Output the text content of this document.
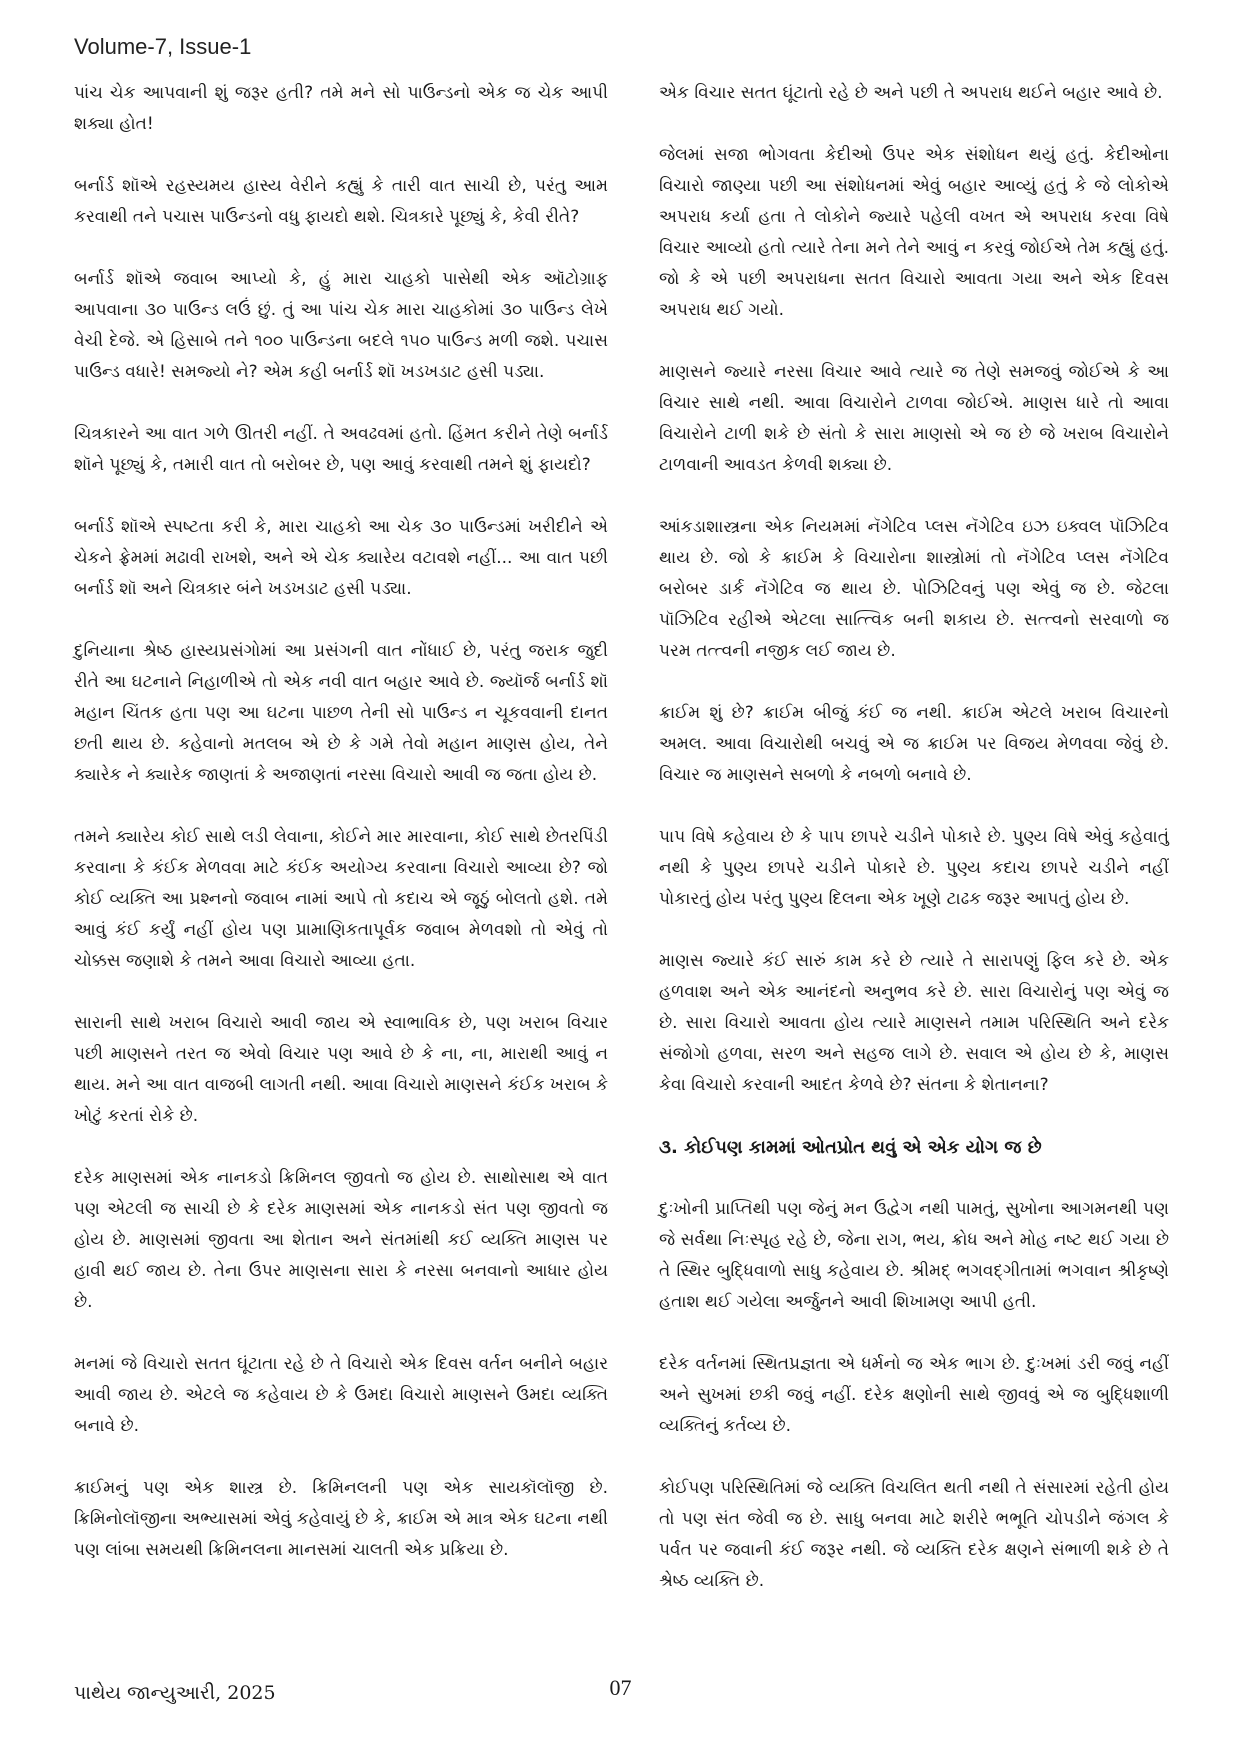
Volume-7, Issue-1

પાંચ ચેક આપવાની શું જરૂર હતી? તમે મને સો પાઉન્ડનો એક જ ચેક આપી શક્યા હોત!

બર્નાર્ડ શૉએ રહસ્યમય હાસ્ય વેરીને કહ્યું કે તારી વાત સાચી છે, પરંતુ આમ કરવાથી તને પચાસ પાઉન્ડનો વધુ ફાયદો થશે. ચિત્રકારે પૂછ્યું કે, કેવી રીતે?

બર્નાર્ડ શૉએ જવાબ આપ્યો કે, હું મારા ચાહકો પાસેથી એક ઑટોગ્રાફ આપવાના ૩૦ પાઉન્ડ લઉં છું. તું આ પાંચ ચેક મારા ચાહકોમાં ૩૦ પાઉન્ડ લેખે વેચી દેજે. એ હિસાબે તને ૧૦૦ પાઉન્ડના બદલે ૧૫૦ પાઉન્ડ મળી જશે. પચાસ પાઉન્ડ વધારે! સમજ્યો ને? એમ કહી બર્નાર્ડ શૉ ખડખડાટ હસી પડ્યા.

ચિત્રકારને આ વાત ગળે ઊતરી નહીં. તે અવઢવમાં હતો. હિંમત કરીને તેણે બર્નાર્ડ શૉને પૂછ્યું કે, તમારી વાત તો બરોબર છે, પણ આવું કરવાથી તમને શું ફાયદો?

બર્નાર્ડ શૉએ સ્પષ્ટતા કરી કે, મારા ચાહકો આ ચેક ૩૦ પાઉન્ડમાં ખરીદીને એ ચેકને ફ્રેમમાં મઢાવી રાખશે, અને એ ચેક ક્યારેય વટાવશે નહીં... આ વાત પછી બર્નાર્ડ શૉ અને ચિત્રકાર બંને ખડખડાટ હસી પડ્યા.

દુનિયાના શ્રેષ્ઠ હાસ્યપ્રસંગોમાં આ પ્રસંગની વાત નોંધાઈ છે, પરંતુ જરાક જુદી રીતે આ ઘટનાને નિહાળીએ તો એક નવી વાત બહાર આવે છે. જ્યૉર્જ બર્નાર્ડ શૉ મહાન ચિંતક હતા પણ આ ઘટના પાછળ તેની સો પાઉન્ડ ન ચૂકવવાની દાનત છતી થાય છે. કહેવાનો મતલબ એ છે કે ગમે તેવો મહાન માણસ હોય, તેને ક્યારેક ને ક્યારેક જાણતાં કે અજાણતાં નરસા વિચારો આવી જ જતા હોય છે.

તમને ક્યારેય કોઈ સાથે લડી લેવાના, કોઈને માર મારવાના, કોઈ સાથે છેતરપિંડી કરવાના કે કંઈક મેળવવા માટે કંઈક અયોગ્ય કરવાના વિચારો આવ્યા છે? જો કોઈ વ્યક્તિ આ પ્રશ્નનો જવાબ નામાં આપે તો કદાચ એ જૂઠું બોલતો હશે. તમે આવું કંઈ કર્યું નહીં હોય પણ પ્રામાણિકતાપૂર્વક જવાબ મેળવશો તો એવું તો ચોક્કસ જણાશે કે તમને આવા વિચારો આવ્યા હતા.

સારાની સાથે ખરાબ વિચારો આવી જાય એ સ્વાભાવિક છે, પણ ખરાબ વિચાર પછી માણસને તરત જ એવો વિચાર પણ આવે છે કે ના, ના, મારાથી આવું ન થાય. મને આ વાત વાજબી લાગતી નથી. આવા વિચારો માણસને કંઈક ખરાબ કે ખોટું કરતાં રોકે છે.

દરેક માણસમાં એક નાનકડો ક્રિમિનલ જીવતો જ હોય છે. સાથોસાથ એ વાત પણ એટલી જ સાચી છે કે દરેક માણસમાં એક નાનકડો સંત પણ જીવતો જ હોય છે. માણસમાં જીવતા આ શેતાન અને સંતમાંથી કઈ વ્યક્તિ માણસ પર હાવી થઈ જાય છે. તેના ઉપર માણસના સારા કે નરસા બનવાનો આધાર હોય છે.

મનમાં જે વિચારો સતત ઘૂંટાતા રહે છે તે વિચારો એક દિવસ વર્તન બનીને બહાર આવી જાય છે. એટલે જ કહેવાય છે કે ઉમદા વિચારો માણસને ઉમદા વ્યક્તિ બનાવે છે.

ક્રાઈમનું પણ એક શાસ્ત્ર છે. ક્રિમિનલની પણ એક સાયકૉલૉજી છે. ક્રિમિનોલૉજીના અભ્યાસમાં એવું કહેવાયું છે કે, ક્રાઈમ એ માત્ર એક ઘટના નથી પણ લાંબા સમયથી ક્રિમિનલના માનસમાં ચાલતી એક પ્રક્રિયા છે.

એક વિચાર સતત ઘૂંટાતો રહે છે અને પછી તે અપરાધ થઈને બહાર આવે છે.

જેલમાં સજા ભોગવતા કેદીઓ ઉપર એક સંશોધન થયું હતું. કેદીઓના વિચારો જાણ્યા પછી આ સંશોધનમાં એવું બહાર આવ્યું હતું કે જે લોકોએ અપરાધ કર્યા હતા તે લોકોને જ્યારે પહેલી વખત એ અપરાધ કરવા વિષે વિચાર આવ્યો હતો ત્યારે તેના મને તેને આવું ન કરવું જોઈએ તેમ કહ્યું હતું. જો કે એ પછી અપરાધના સતત વિચારો આવતા ગયા અને એક દિવસ અપરાધ થઈ ગયો.

માણસને જ્યારે નરસા વિચાર આવે ત્યારે જ તેણે સમજવું જોઈએ કે આ વિચાર સાથે નથી. આવા વિચારોને ટાળવા જોઈએ. માણસ ધારે તો આવા વિચારોને ટાળી શકે છે સંતો કે સારા માણસો એ જ છે જે ખરાબ વિચારોને ટાળવાની આવડત કેળવી શક્યા છે.

આંકડાશાસ્ત્રના એક નિયમમાં નૅગેટિવ પ્લસ નૅગેટિવ ઇઝ ઇક્વલ પૉઝિટિવ થાય છે. જો કે ક્રાઈમ કે વિચારોના શાસ્ત્રોમાં તો નૅગેટિવ પ્લસ નૅગેટિવ બરોબર ડાર્ક નૅગેટિવ જ થાય છે. પોઝિટિવનું પણ એવું જ છે. જેટલા પૉઝિટિવ રહીએ એટલા સાત્ત્વિક બની શકાય છે. સત્ત્વનો સરવાળો જ પરમ તત્ત્વની નજીક લઈ જાય છે.

ક્રાઈમ શું છે? ક્રાઈમ બીજું કંઈ જ નથી. ક્રાઈમ એટલે ખરાબ વિચારનો અમલ. આવા વિચારોથી બચવું એ જ ક્રાઈમ પર વિજય મેળવવા જેવું છે. વિચાર જ માણસને સબળો કે નબળો બનાવે છે.

પાપ વિષે કહેવાય છે કે પાપ છાપરે ચડીને પોકારે છે. પુણ્ય વિષે એવું કહેવાતું નથી કે પુણ્ય છાપરે ચડીને પોકારે છે. પુણ્ય કદાચ છાપરે ચડીને નહીં પોકારતું હોય પરંતુ પુણ્ય દિલના એક ખૂણે ટાઢક જરૂર આપતું હોય છે.

માણસ જ્યારે કંઈ સારું કામ કરે છે ત્યારે તે સારાપણું ફિલ કરે છે. એક હળવાશ અને એક આનંદનો અનુભવ કરે છે. સારા વિચારોનું પણ એવું જ છે. સારા વિચારો આવતા હોય ત્યારે માણસને તમામ પરિસ્થિતિ અને દરેક સંજોગો હળવા, સરળ અને સહજ લાગે છે. સવાલ એ હોય છે કે, માણસ કેવા વિચારો કરવાની આદત કેળવે છે? સંતના કે શેતાનના?

૩. કોઈપણ કામમાં ઓતપ્રોત થવું એ એક યોગ જ છે

દુઃખોની પ્રાપ્તિથી પણ જેનું મન ઉદ્વેગ નથી પામતું, સુખોના આગમનથી પણ જે સર્વથા નિઃસ્પૃહ રહે છે, જેના રાગ, ભય, ક્રોધ અને મોહ નષ્ટ થઈ ગયા છે તે સ્થિર બુદ્ધિવાળો સાધુ કહેવાય છે. શ્રીમદ્ ભગવદ્ગીતામાં ભગવાન શ્રીકૃષ્ણે હતાશ થઈ ગયેલા અર્જુનને આવી શિખામણ આપી હતી.

દરેક વર્તનમાં સ્થિતપ્રજ્ઞતા એ ધર્મનો જ એક ભાગ છે. દુઃખમાં ડરી જવું નહીં અને સુખમાં છકી જવું નહીં. દરેક ક્ષણોની સાથે જીવવું એ જ બુદ્ધિશાળી વ્યક્તિનું કર્તવ્ય છે.

કોઈપણ પરિસ્થિતિમાં જે વ્યક્તિ વિચલિત થતી નથી તે સંસારમાં રહેતી હોય તો પણ સંત જેવી જ છે. સાધુ બનવા માટે શરીરે ભભૂતિ ચોપડીને જંગલ કે પર્વત પર જવાની કંઈ જરૂર નથી. જે વ્યક્તિ દરેક ક્ષણને સંભાળી શકે છે તે શ્રેષ્ઠ વ્યક્તિ છે.

પાથેય જાન્યુઆરી, 2025	07
